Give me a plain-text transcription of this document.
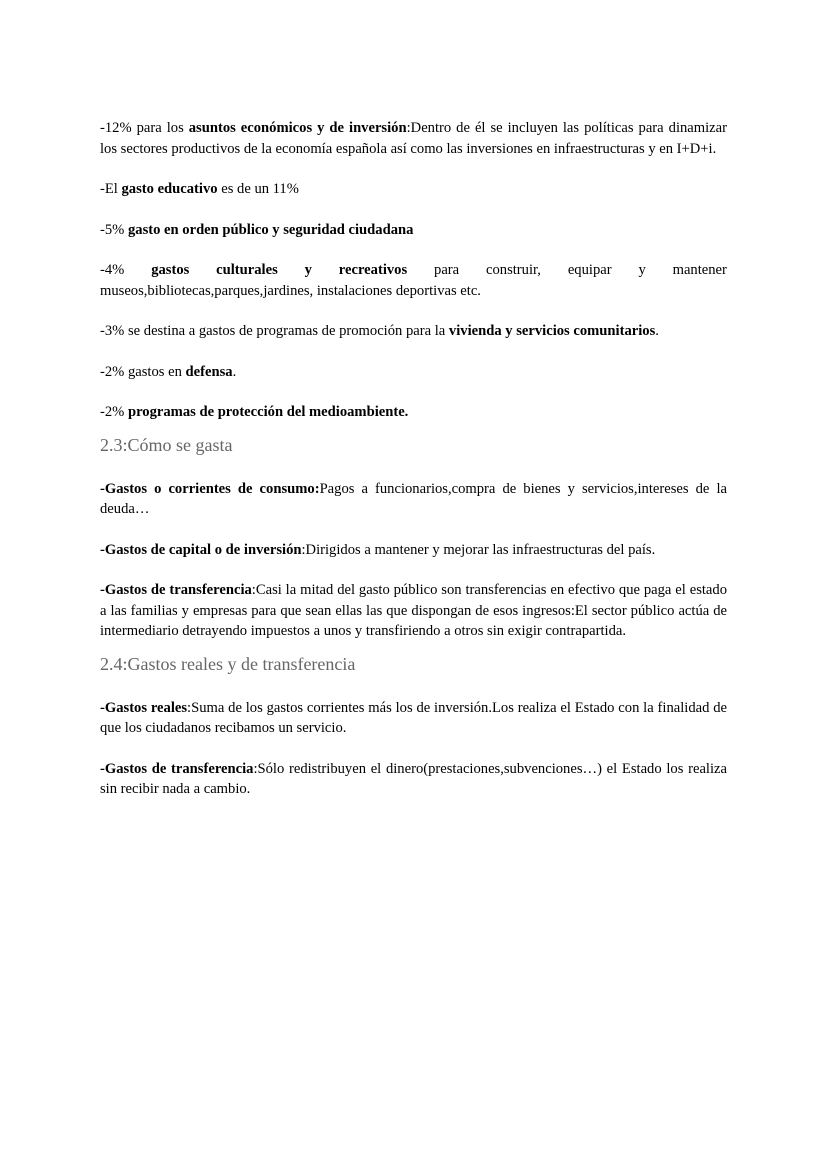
-12% para los asuntos económicos y de inversión:Dentro de él se incluyen las políticas para dinamizar los sectores productivos de la economía española así como las inversiones en infraestructuras y en I+D+i.

-El gasto educativo es de un 11%

-5% gasto en orden público y seguridad ciudadana

-4% gastos culturales y recreativos para construir, equipar y mantener
museos,bibliotecas,parques,jardines, instalaciones deportivas etc.

-3% se destina a gastos de programas de promoción para la vivienda y servicios comunitarios.

-2% gastos en defensa.

-2% programas de protección del medioambiente.

2.3:Cómo se gasta

-Gastos o corrientes de consumo:Pagos a funcionarios,compra de bienes y servicios,intereses de la deuda…

-Gastos de capital o de inversión:Dirigidos a mantener y mejorar las infraestructuras del país.

-Gastos de transferencia:Casi la mitad del gasto público son transferencias en efectivo que paga el estado a las familias y empresas para que sean ellas las que dispongan de esos ingresos:El sector público actúa de intermediario detrayendo impuestos a unos y transfiriendo a otros sin exigir contrapartida.

2.4:Gastos reales y de transferencia

-Gastos reales:Suma de los gastos corrientes más los de inversión.Los realiza el Estado con la finalidad de que los ciudadanos recibamos un servicio.

-Gastos de transferencia:Sólo redistribuyen el dinero(prestaciones,subvenciones…) el Estado los realiza sin recibir nada a cambio.
